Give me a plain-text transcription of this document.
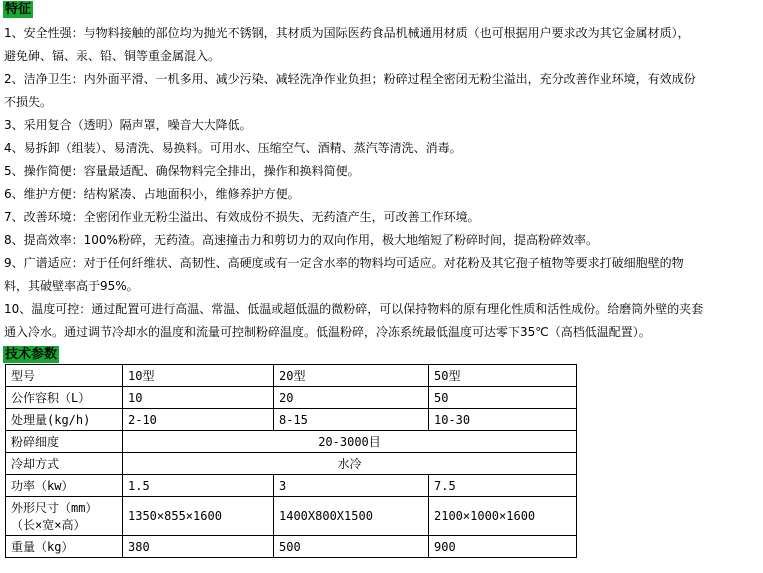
特征
1、安全性强：与物料接触的部位均为抛光不锈钢，其材质为国际医药食品机械通用材质（也可根据用户要求改为其它金属材质），
避免砷、镉、汞、铅、铜等重金属混入。
2、洁净卫生：内外面平滑、一机多用、减少污染、减轻洗净作业负担；粉碎过程全密闭无粉尘溢出，充分改善作业环境，有效成份
不损失。
3、采用复合（透明）隔声罩，噪音大大降低。
4、易拆卸（组装）、易清洗、易换料。可用水、压缩空气、酒精、蒸汽等清洗、消毒。
5、操作简便：容量最适配、确保物料完全排出，操作和换料简便。
6、维护方便：结构紧凑、占地面积小，维修养护方便。
7、改善环境：全密闭作业无粉尘溢出、有效成份不损失、无药渣产生，可改善工作环境。
8、提高效率：100%粉碎，无药渣。高速撞击力和剪切力的双向作用，极大地缩短了粉碎时间，提高粉碎效率。
9、广谱适应：对于任何纤维状、高韧性、高硬度或有一定含水率的物料均可适应。对花粉及其它孢子植物等要求打破细胞壁的物
料，其破壁率高于95%。
10、温度可控：通过配置可进行高温、常温、低温或超低温的微粉碎，可以保持物料的原有理化性质和活性成份。给磨筒外壁的夹套
通入冷水。通过调节冷却水的温度和流量可控制粉碎温度。低温粉碎，冷冻系统最低温度可达零下35℃（高档低温配置）。
技术参数
型号	10型	20型	50型
公作容积（L）	10	20	50
处理量(kg/h)	2-10	8-15	10-30
粉碎细度	20-3000目		
冷却方式	水冷		
功率（kw）	1.5	3	7.5

外形尺寸（mm）
（长×宽×高）	1350×855×1600	1400X800X1500	2100×1000×1600
重量（kg）	380	500	900
